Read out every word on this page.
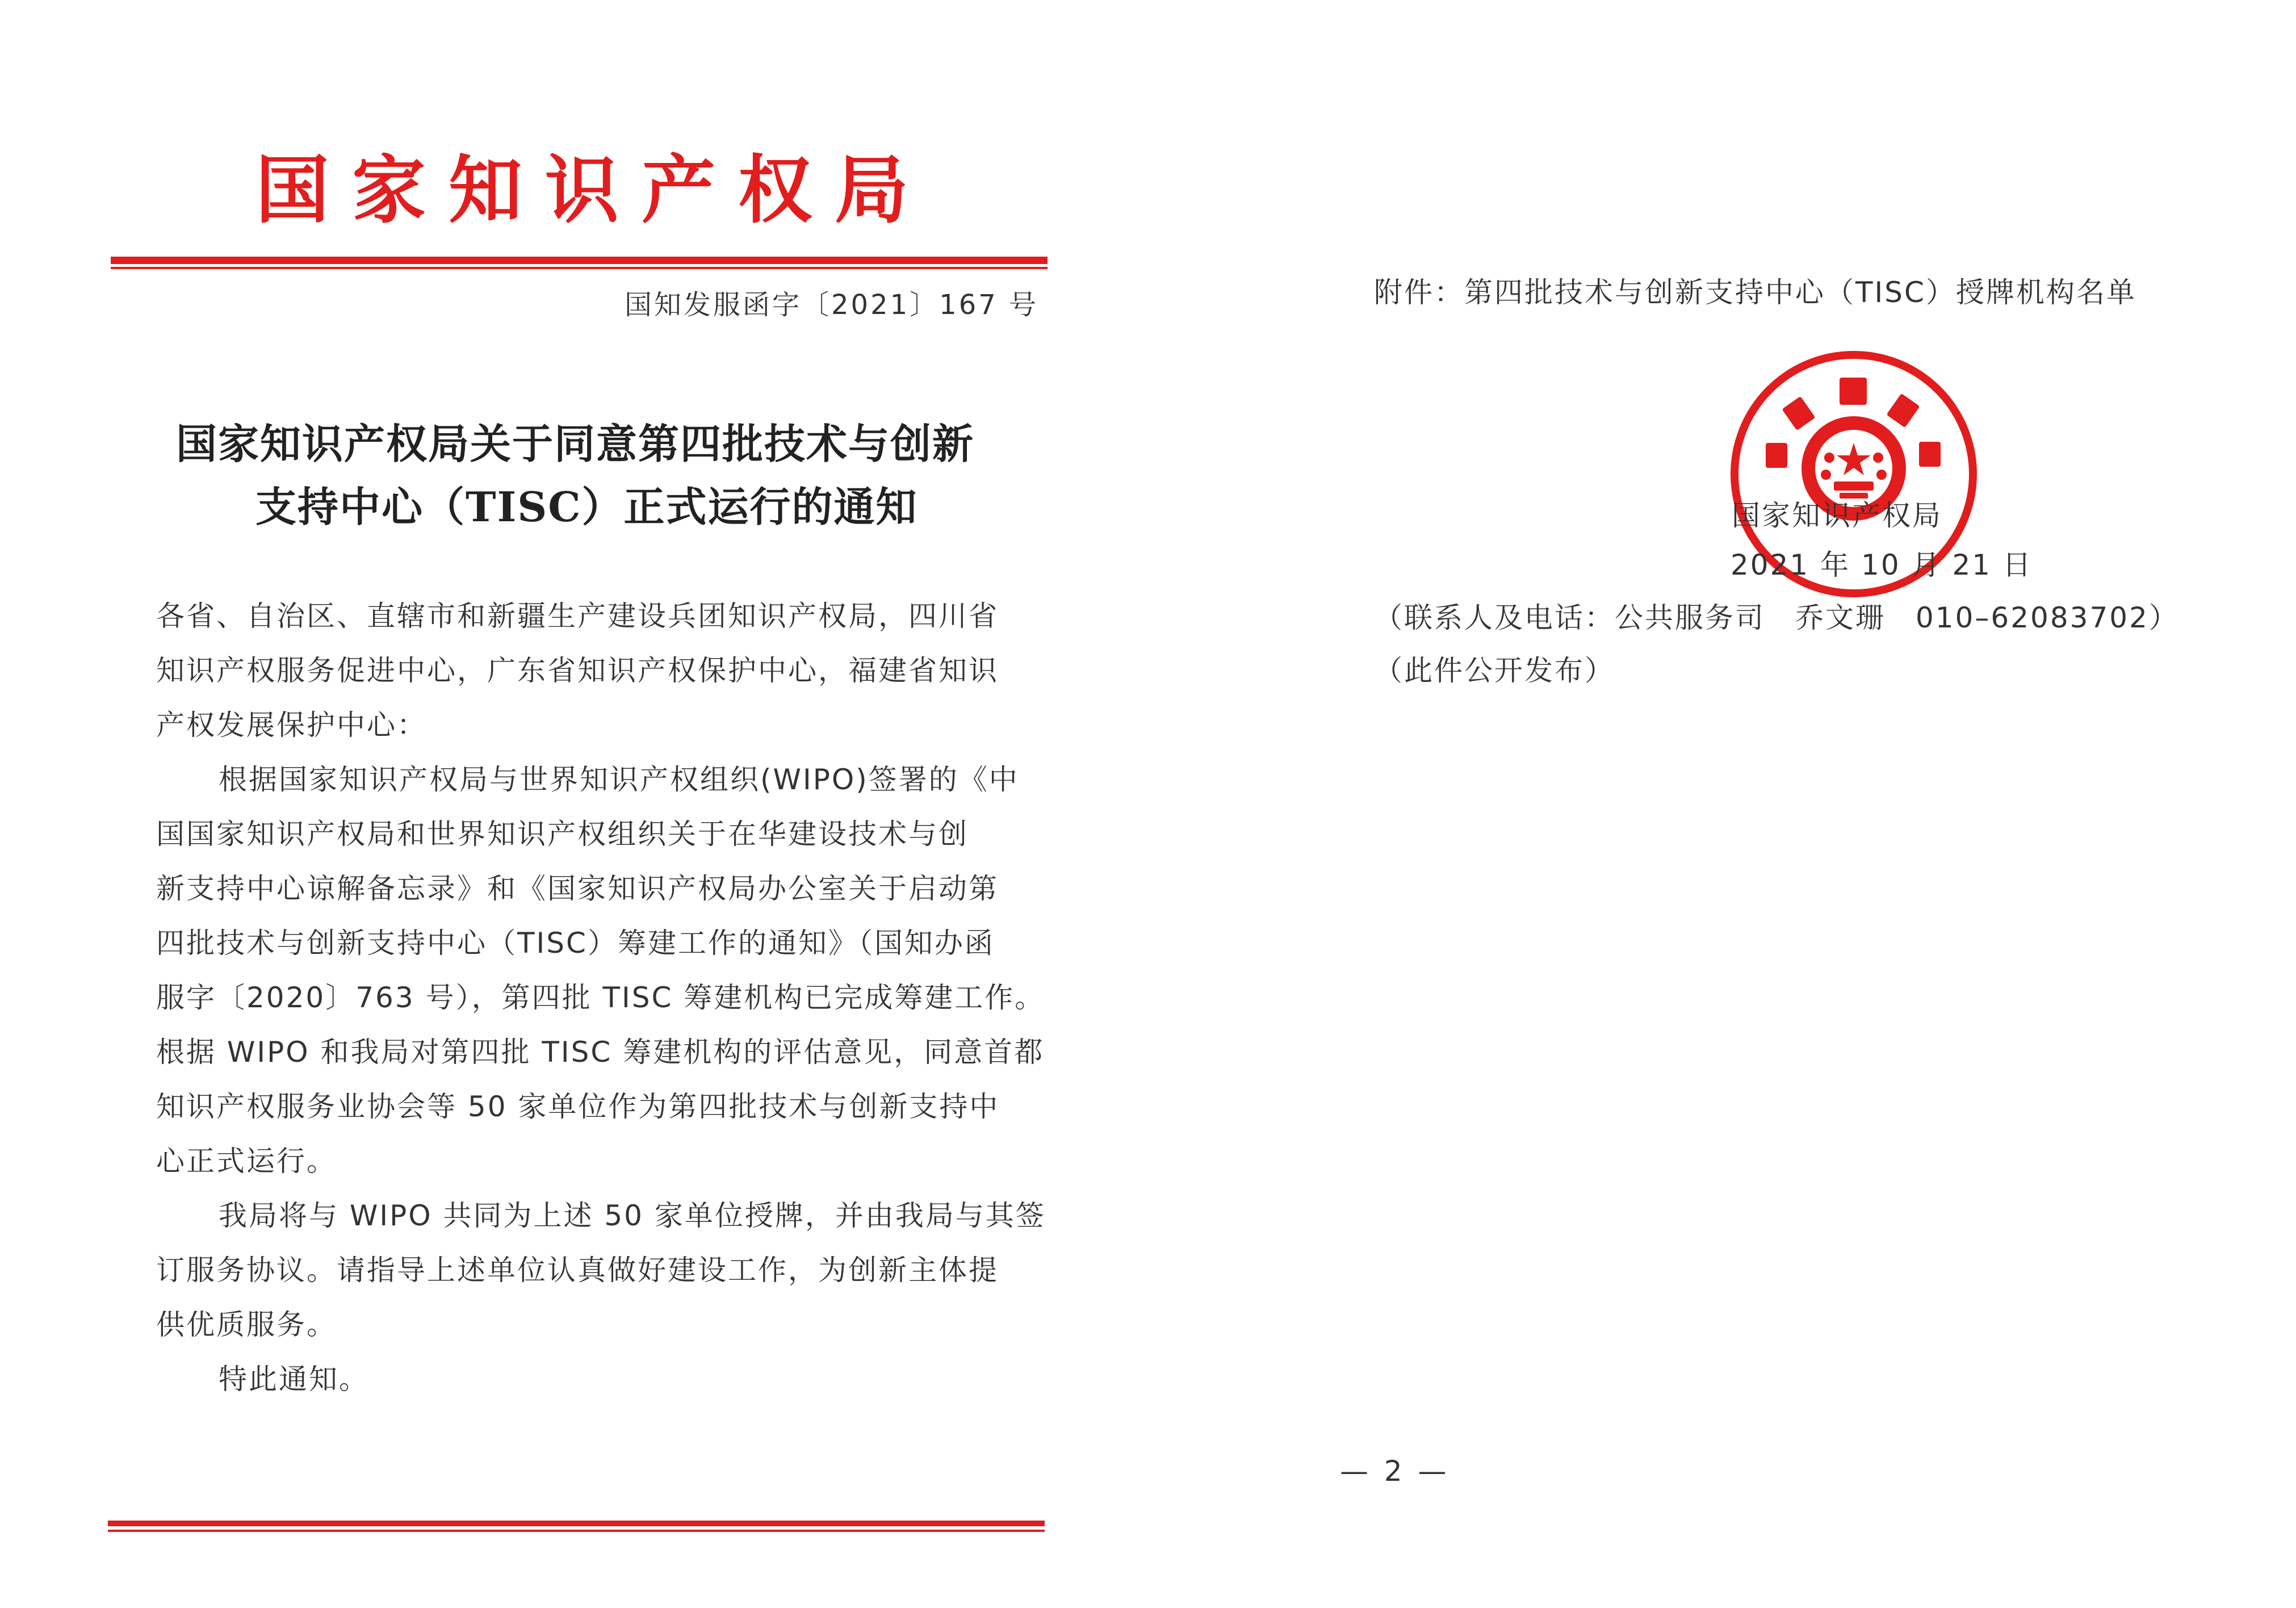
国家知识产权局
国知发服函字〔2021〕167 号
国家知识产权局关于同意第四批技术与创新
支持中心（TISC）正式运行的通知
各省、自治区、直辖市和新疆生产建设兵团知识产权局，四川省
知识产权服务促进中心，广东省知识产权保护中心，福建省知识
产权发展保护中心：
根据国家知识产权局与世界知识产权组织(WIPO)签署的《中
国国家知识产权局和世界知识产权组织关于在华建设技术与创
新支持中心谅解备忘录》和《国家知识产权局办公室关于启动第
四批技术与创新支持中心（TISC）筹建工作的通知》（国知办函
服字〔2020〕763 号），第四批 TISC 筹建机构已完成筹建工作。
根据 WIPO 和我局对第四批 TISC 筹建机构的评估意见，同意首都
知识产权服务业协会等 50 家单位作为第四批技术与创新支持中
心正式运行。
我局将与 WIPO 共同为上述 50 家单位授牌，并由我局与其签
订服务协议。请指导上述单位认真做好建设工作，为创新主体提
供优质服务。
特此通知。
附件：第四批技术与创新支持中心（TISC）授牌机构名单
国家知识产权局
2021 年 10 月 21 日
（联系人及电话：公共服务司　乔文珊　010–62083702）
（此件公开发布）
— 2 —
